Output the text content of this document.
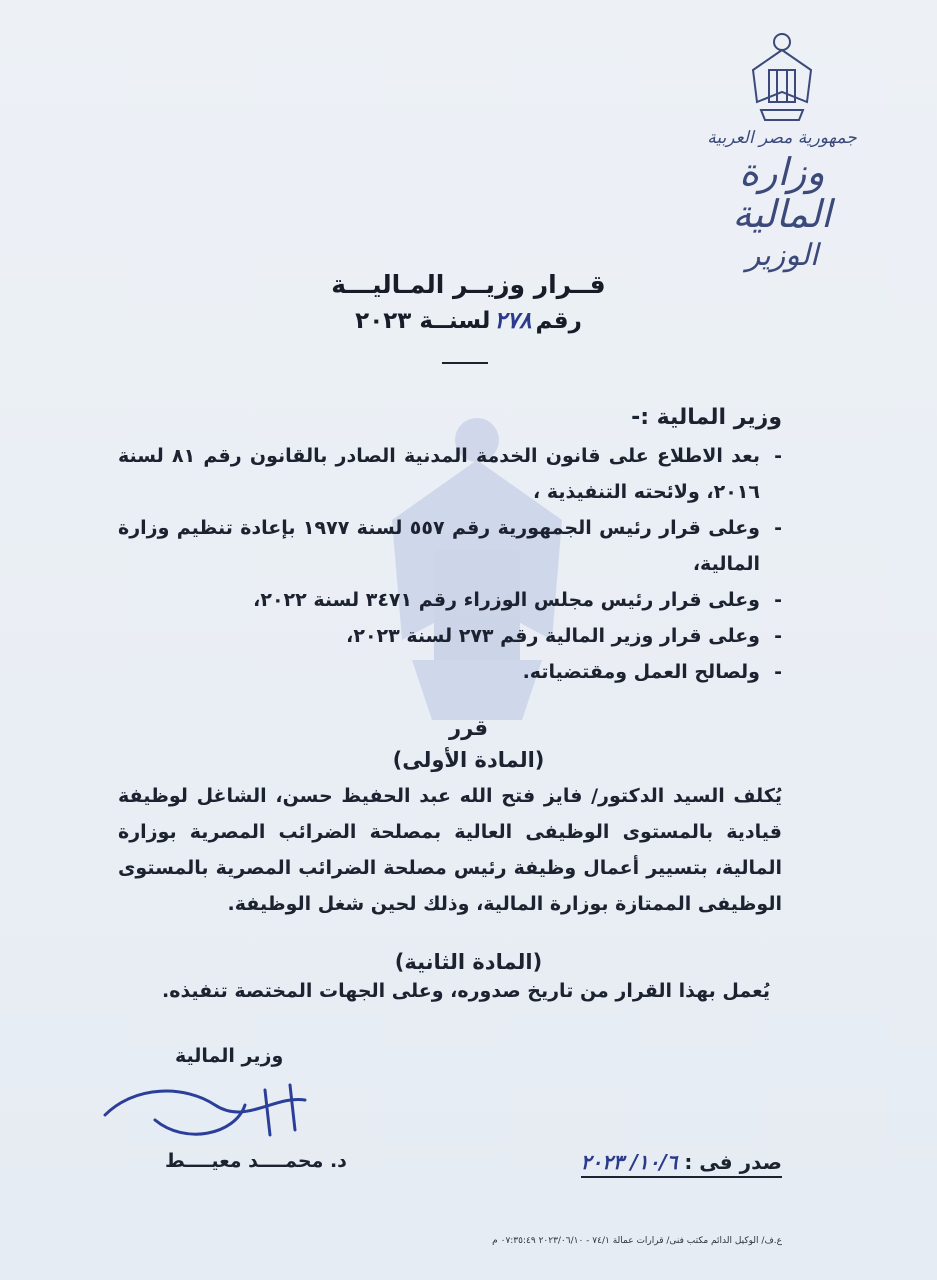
جمهورية مصر العربية
وزارة المالية
الوزير
قــرار وزيــر المـاليـــة
رقم٢٧٨لسنــة ٢٠٢٣
وزير المالية :-
-
بعد الاطلاع على قانون الخدمة المدنية الصادر بالقانون رقم ٨١ لسنة ٢٠١٦، ولائحته التنفيذية ،
-
وعلى قرار رئيس الجمهورية رقم ٥٥٧ لسنة ١٩٧٧ بإعادة تنظيم وزارة المالية،
-
وعلى قرار رئيس مجلس الوزراء رقم ٣٤٧١ لسنة ٢٠٢٢،
-
وعلى قرار وزير المالية رقم ٢٧٣ لسنة ٢٠٢٣،
-
ولصالح العمل ومقتضياته.
قرر
(المادة الأولى)
يُكلف السيد الدكتور/ فايز فتح الله عبد الحفيظ حسن، الشاغل لوظيفة قيادية بالمستوى الوظيفى العالية بمصلحة الضرائب المصرية بوزارة المالية، بتسيير أعمال وظيفة رئيس مصلحة الضرائب المصرية بالمستوى الوظيفى الممتازة بوزارة المالية، وذلك لحين شغل الوظيفة.
(المادة الثانية)
يُعمل بهذا القرار من تاريخ صدوره، وعلى الجهات المختصة تنفيذه.
وزير المالية
د. محمــــد معيــــط	صدر فى : ١٠/٦/ ٢٠٢٣
ع.ف/ الوكيل الدائم مكتب فنى/ قرارات عمالة ٧٤/١ - ٢٠٢٣/٠٦/١٠ ٠٧:٣٥:٤٩ م
